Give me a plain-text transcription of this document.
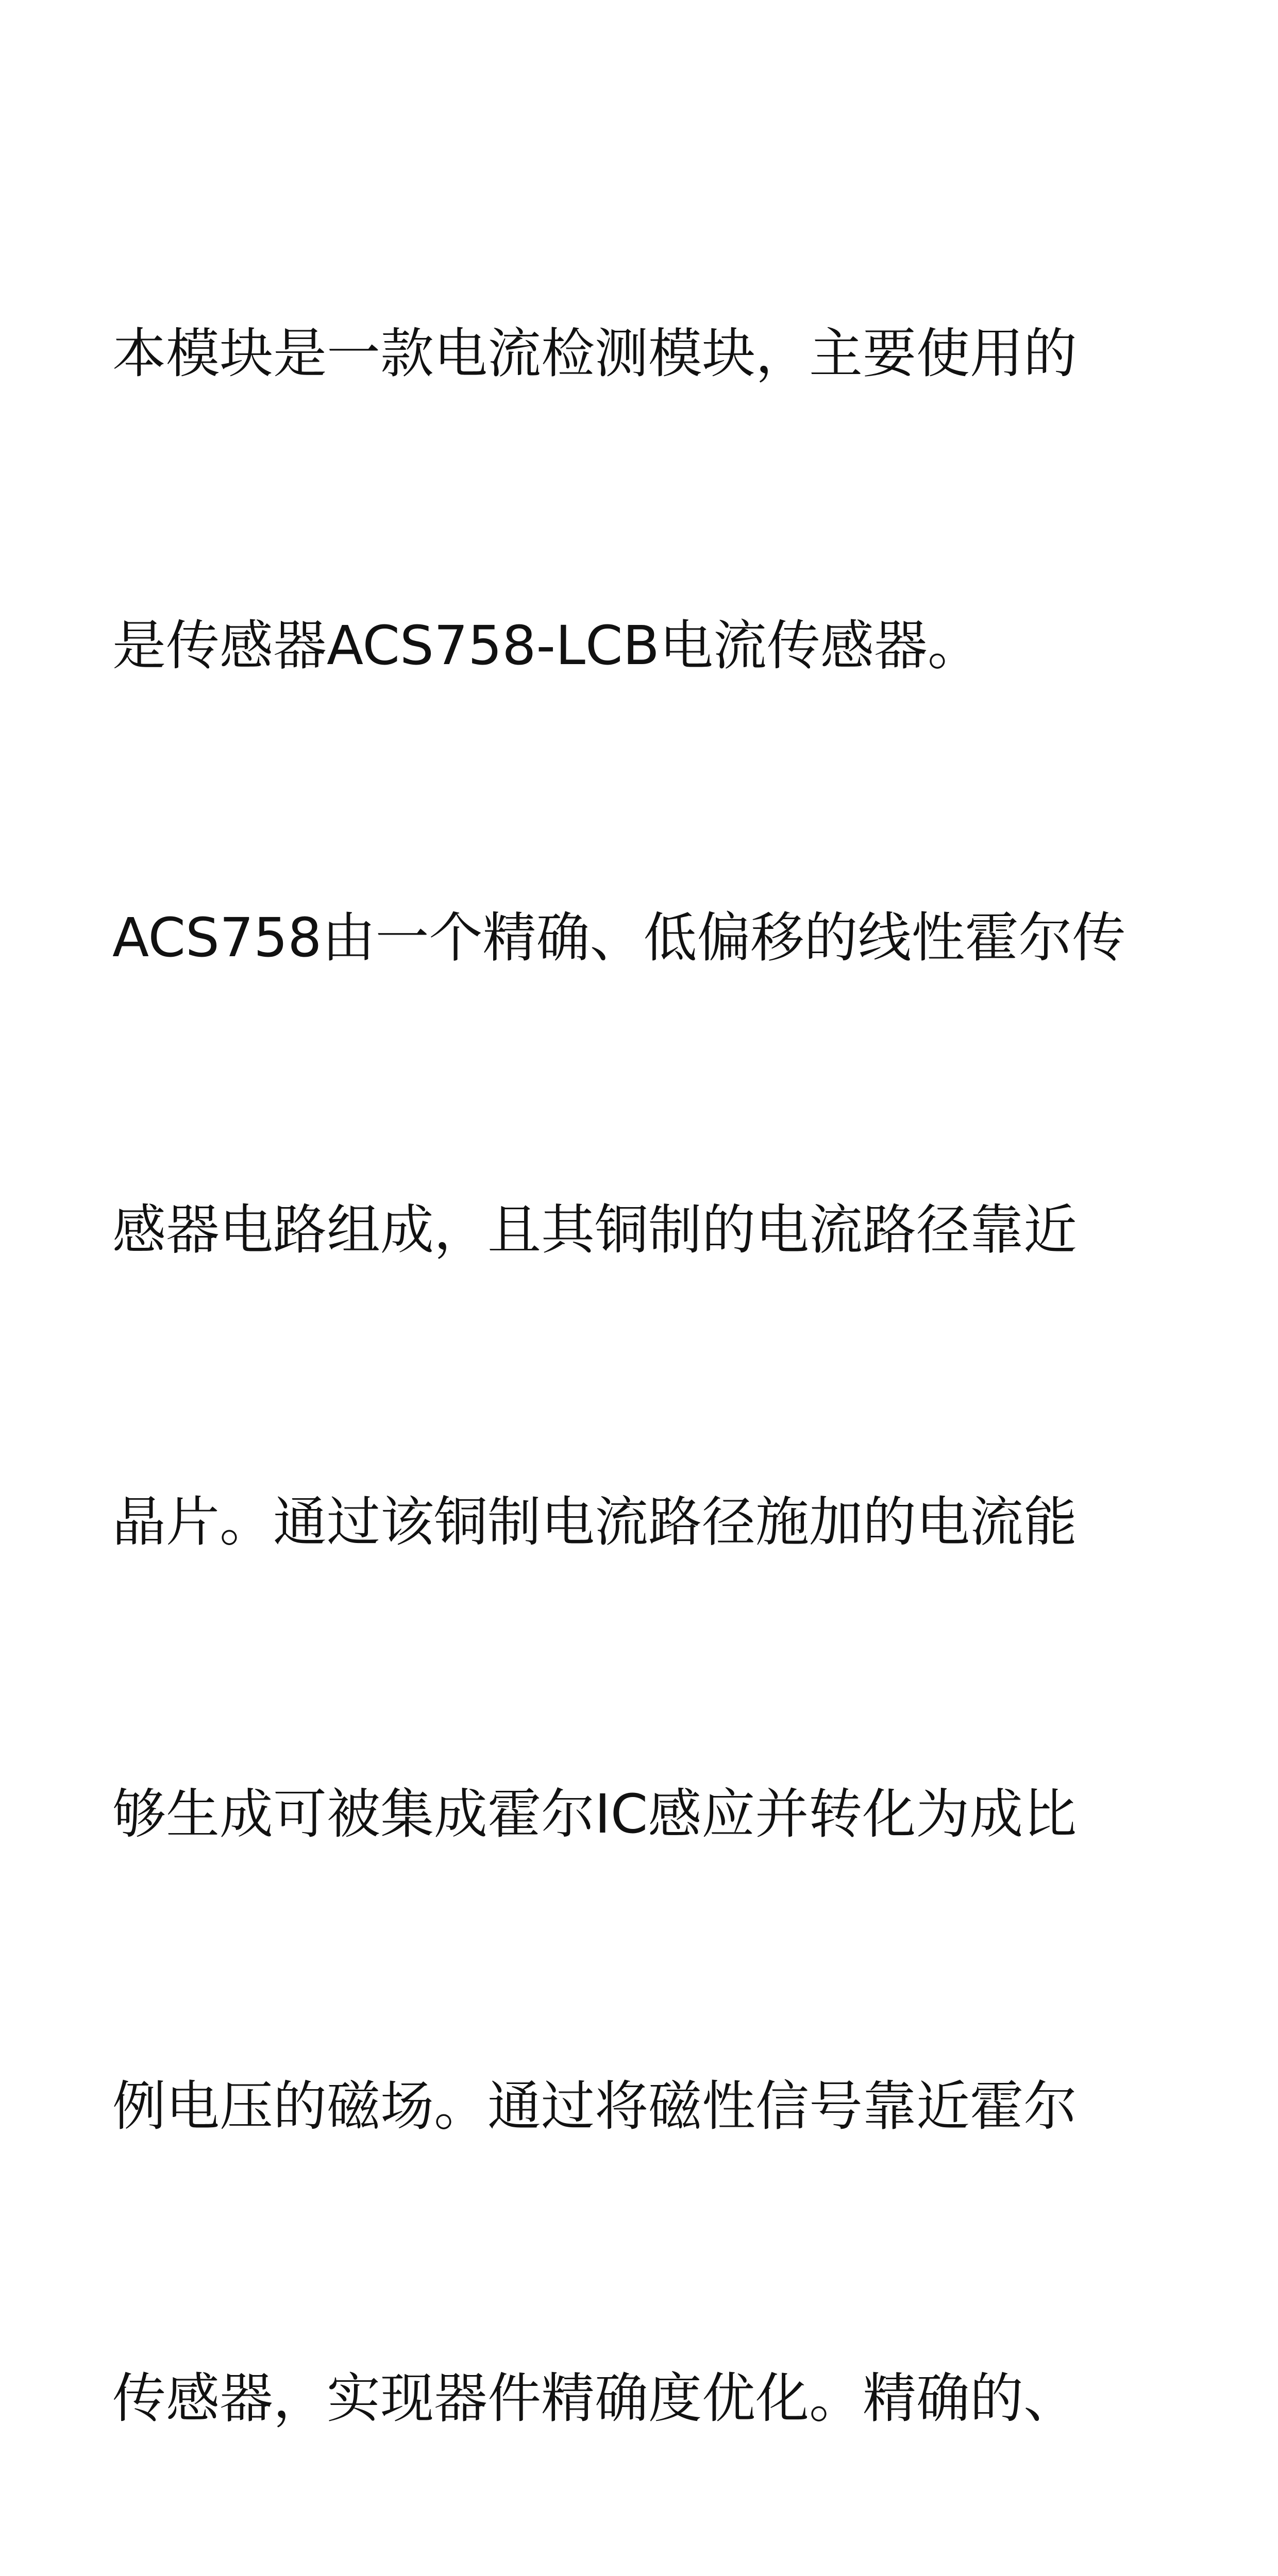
本模块是一款电流检测模块，主要使用的

是传感器ACS758-LCB电流传感器。

ACS758由一个精确、低偏移的线性霍尔传

感器电路组成，且其铜制的电流路径靠近

晶片。通过该铜制电流路径施加的电流能

够生成可被集成霍尔IC感应并转化为成比

例电压的磁场。通过将磁性信号靠近霍尔

传感器，实现器件精确度优化。精确的、
